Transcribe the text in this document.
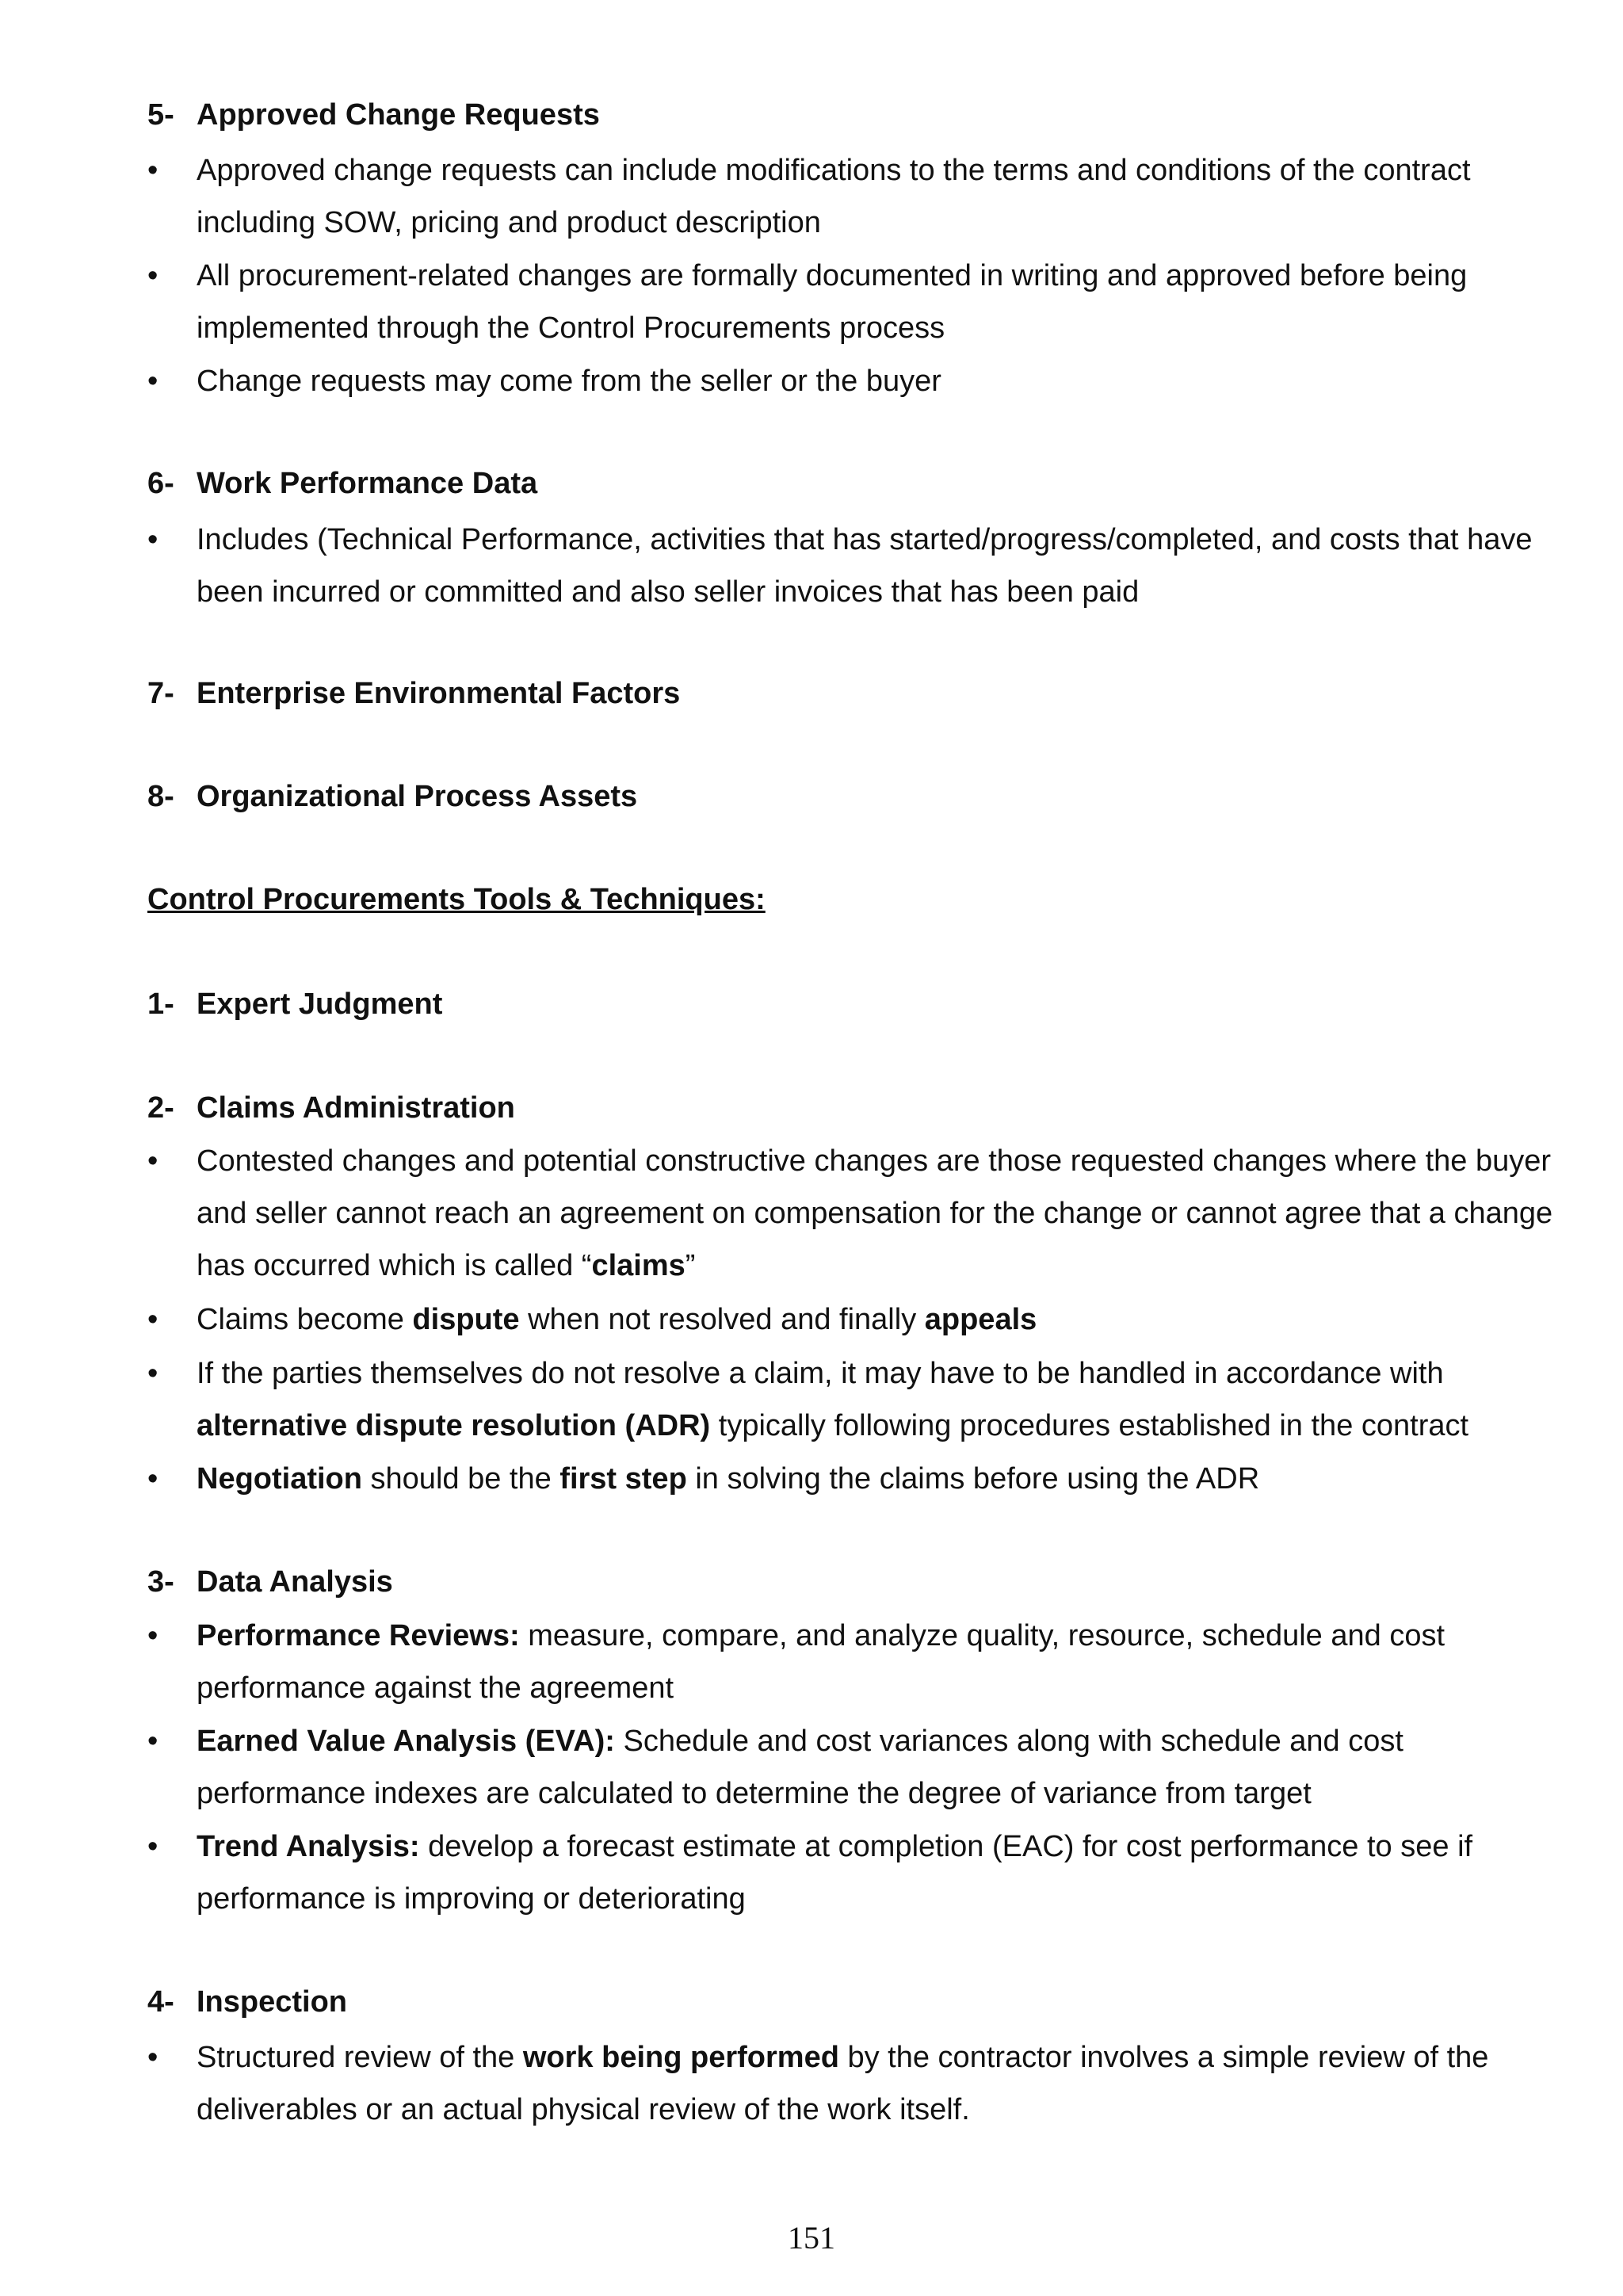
5- Approved Change Requests
•	Approved change requests can include modifications to the terms and conditions of the contract including SOW, pricing and product description
•	All procurement-related changes are formally documented in writing and approved before being implemented through the Control Procurements process
•	Change requests may come from the seller or the buyer
6- Work Performance Data
•	Includes (Technical Performance, activities that has started/progress/completed, and costs that have been incurred or committed and also seller invoices that has been paid
7- Enterprise Environmental Factors
8- Organizational Process Assets
Control Procurements Tools & Techniques:
1- Expert Judgment
2- Claims Administration
•	Contested changes and potential constructive changes are those requested changes where the buyer and seller cannot reach an agreement on compensation for the change or cannot agree that a change has occurred which is called “claims”
•	Claims become dispute when not resolved and finally appeals
•	If the parties themselves do not resolve a claim, it may have to be handled in accordance with alternative dispute resolution (ADR) typically following procedures established in the contract
•	Negotiation should be the first step in solving the claims before using the ADR
3- Data Analysis
•	Performance Reviews: measure, compare, and analyze quality, resource, schedule and cost performance against the agreement
•	Earned Value Analysis (EVA): Schedule and cost variances along with schedule and cost performance indexes are calculated to determine the degree of variance from target
•	Trend Analysis: develop a forecast estimate at completion (EAC) for cost performance to see if performance is improving or deteriorating
4- Inspection
•	Structured review of the work being performed by the contractor involves a simple review of the deliverables or an actual physical review of the work itself.
151
